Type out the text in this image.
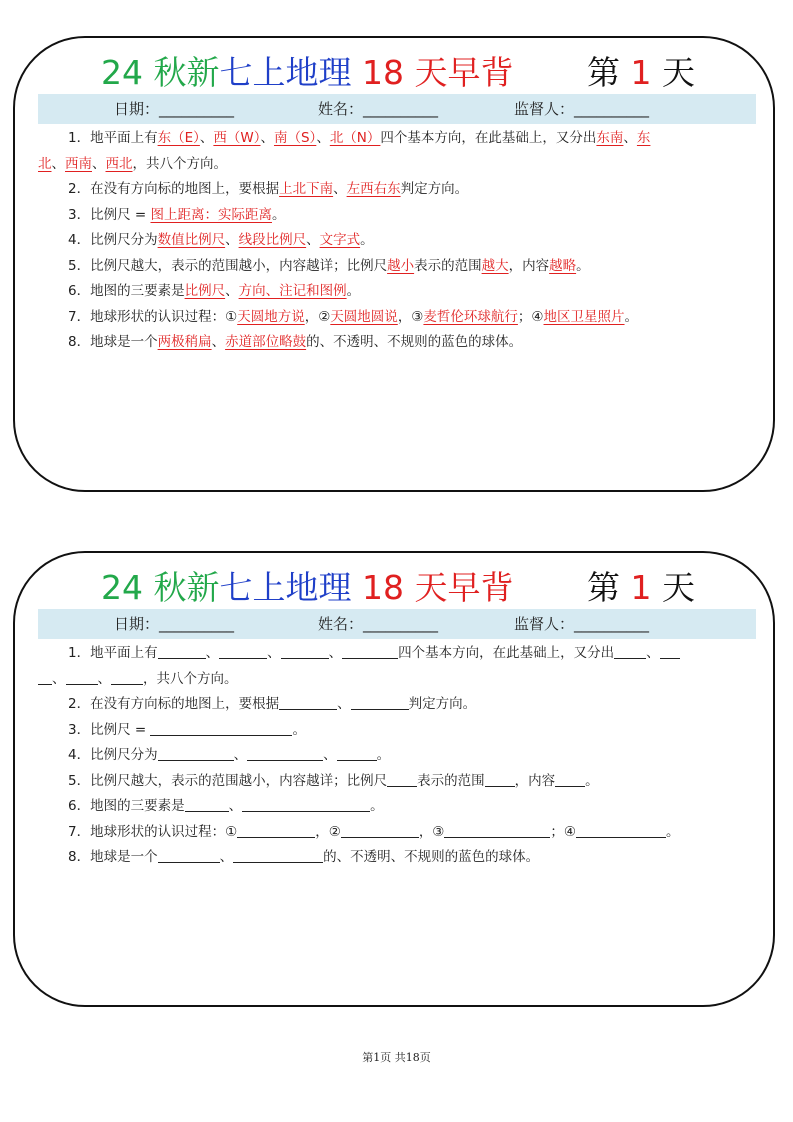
24 秋新七上地理 18 天早背 第 1 天
日期：__________	姓名：__________	监督人：__________
1．地平面上有东（E）、西（W）、南（S）、北（N）四个基本方向，在此基础上，又分出东南、东
北、西南、西北，共八个方向。
2．在没有方向标的地图上，要根据上北下南、左西右东判定方向。
3．比例尺 = 图上距离：实际距离。
4．比例尺分为数值比例尺、线段比例尺、文字式。
5．比例尺越大，表示的范围越小，内容越详；比例尺越小表示的范围越大，内容越略。
6．地图的三要素是比例尺、方向、注记和图例。
7．地球形状的认识过程：①天圆地方说，②天圆地圆说，③麦哲伦环球航行；④地区卫星照片。
8．地球是一个两极稍扁、赤道部位略鼓的、不透明、不规则的蓝色的球体。
24 秋新七上地理 18 天早背 第 1 天
日期：__________	姓名：__________	监督人：__________
1．地平面上有	、	、	、	四个基本方向，在此基础上，又分出 、
、 、 ，共八个方向。
2．在没有方向标的地图上，要根据	、	判定方向。
3．比例尺 =	。
4．比例尺分为	、	、	。
5．比例尺越大，表示的范围越小，内容越详；比例尺 表示的范围 ，内容 。
6．地图的三要素是	、	。
7．地球形状的认识过程：①	，②	，③	；④	。
8．地球是一个	、	的、不透明、不规则的蓝色的球体。
第1页 共18页
